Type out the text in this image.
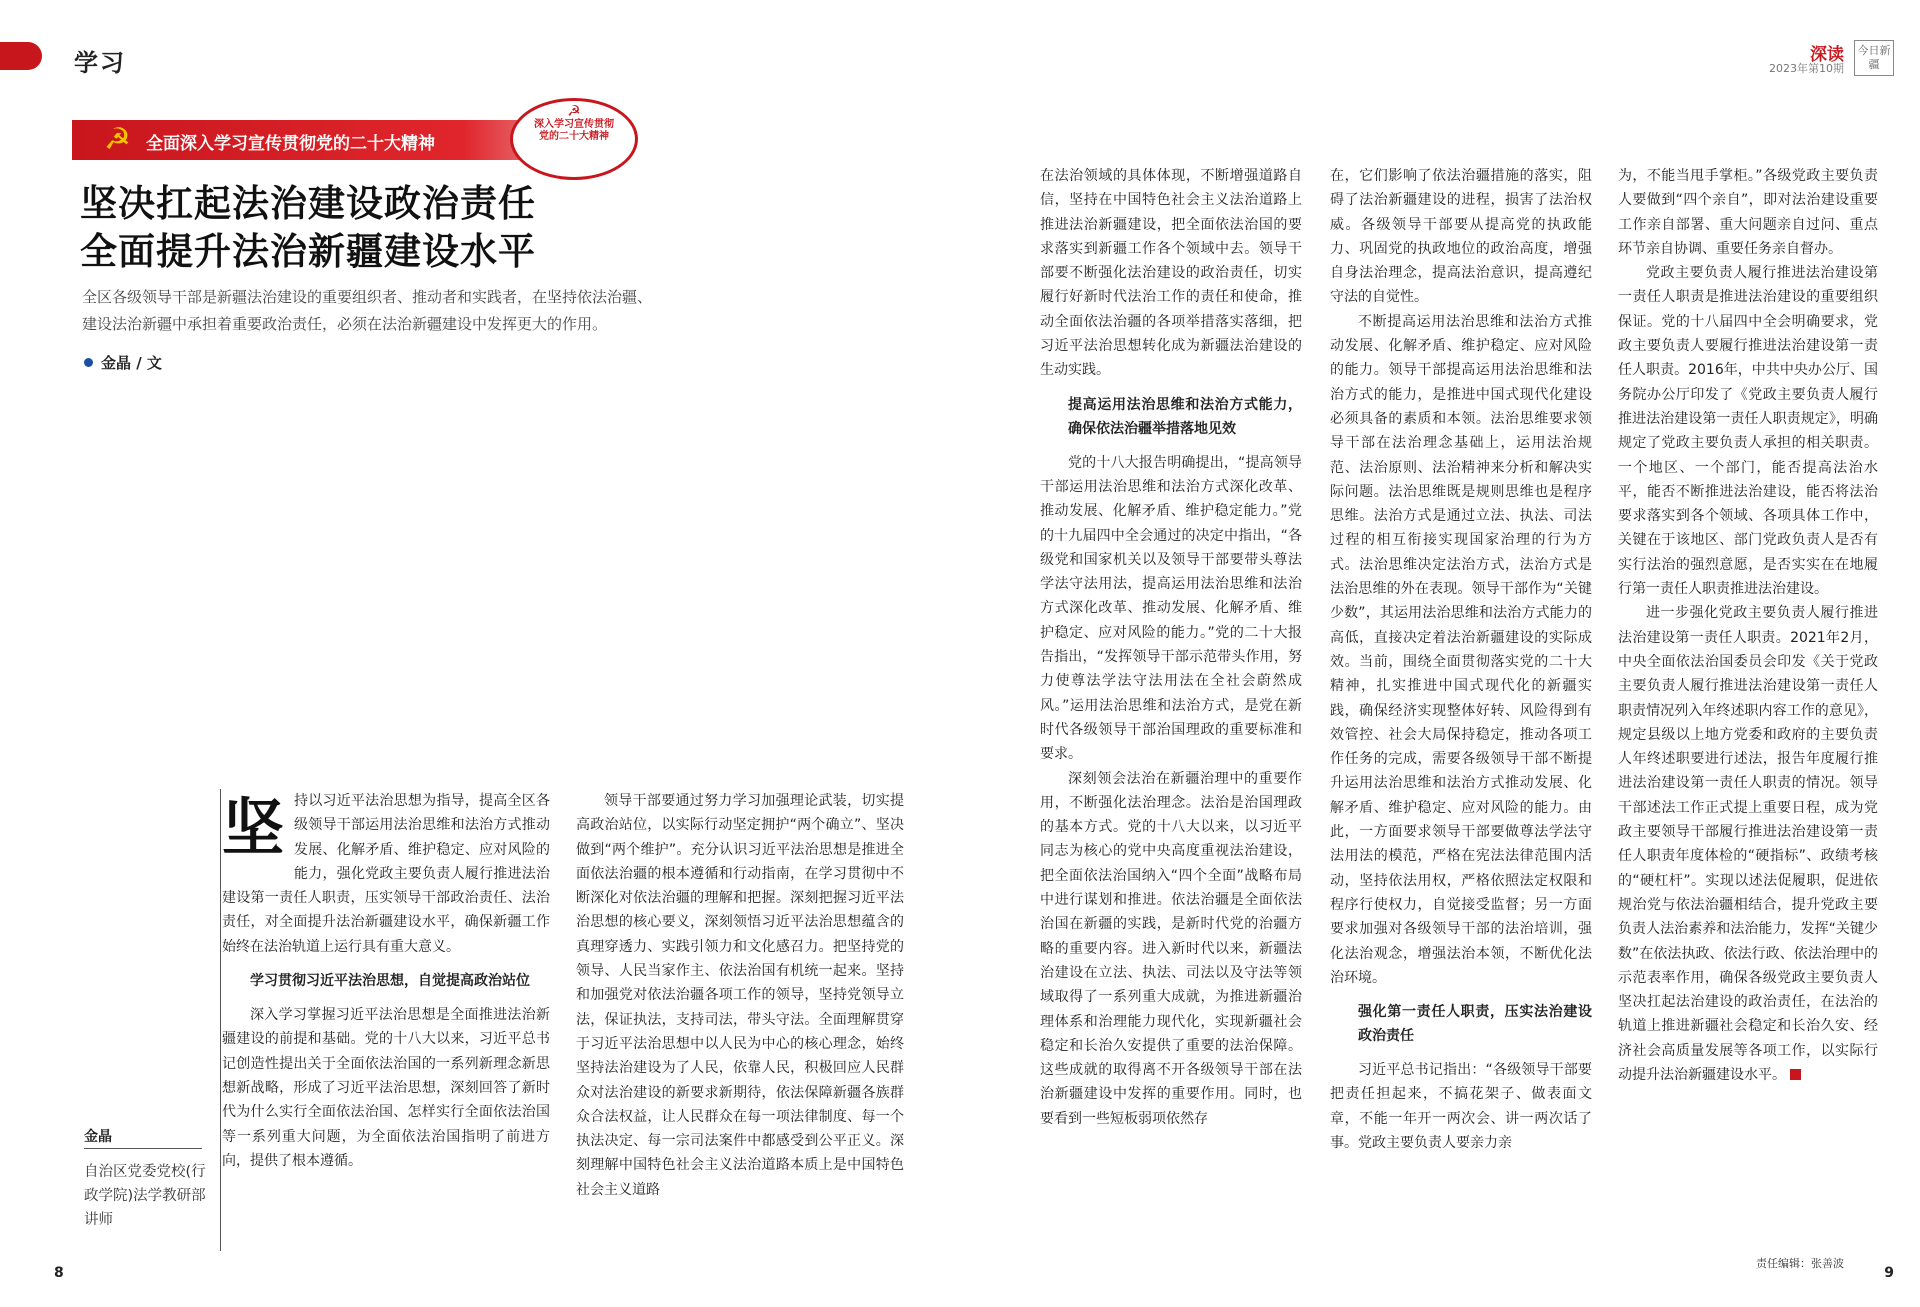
学习	深读
2023年第10期
今日新疆
☭ 全面深入学习宣传贯彻党的二十大精神
☭
深入学习宣传贯彻
党的二十大精神
坚决扛起法治建设政治责任
全面提升法治新疆建设水平
全区各级领导干部是新疆法治建设的重要组织者、推动者和实践者，在坚持依法治疆、建设法治新疆中承担着重要政治责任，必须在法治新疆建设中发挥更大的作用。
金晶 / 文
金晶
自治区党委党校(行政学院)法学教研部讲师

坚持以习近平法治思想为指导，提高全区各级领导干部运用法治思维和法治方式推动发展、化解矛盾、维护稳定、应对风险的能力，强化党政主要负责人履行推进法治建设第一责任人职责，压实领导干部政治责任、法治责任，对全面提升法治新疆建设水平，确保新疆工作始终在法治轨道上运行具有重大意义。

学习贯彻习近平法治思想，自觉提高政治站位

深入学习掌握习近平法治思想是全面推进法治新疆建设的前提和基础。党的十八大以来，习近平总书记创造性提出关于全面依法治国的一系列新理念新思想新战略，形成了习近平法治思想，深刻回答了新时代为什么实行全面依法治国、怎样实行全面依法治国等一系列重大问题，为全面依法治国指明了前进方向，提供了根本遵循。

领导干部要通过努力学习加强理论武装，切实提高政治站位，以实际行动坚定拥护“两个确立”、坚决做到“两个维护”。充分认识习近平法治思想是推进全面依法治疆的根本遵循和行动指南，在学习贯彻中不断深化对依法治疆的理解和把握。深刻把握习近平法治思想的核心要义，深刻领悟习近平法治思想蕴含的真理穿透力、实践引领力和文化感召力。把坚持党的领导、人民当家作主、依法治国有机统一起来。坚持和加强党对依法治疆各项工作的领导，坚持党领导立法，保证执法，支持司法，带头守法。全面理解贯穿于习近平法治思想中以人民为中心的核心理念，始终坚持法治建设为了人民，依靠人民，积极回应人民群众对法治建设的新要求新期待，依法保障新疆各族群众合法权益，让人民群众在每一项法律制度、每一个执法决定、每一宗司法案件中都感受到公平正义。深刻理解中国特色社会主义法治道路本质上是中国特色社会主义道路

在法治领域的具体体现，不断增强道路自信，坚持在中国特色社会主义法治道路上推进法治新疆建设，把全面依法治国的要求落实到新疆工作各个领域中去。领导干部要不断强化法治建设的政治责任，切实履行好新时代法治工作的责任和使命，推动全面依法治疆的各项举措落实落细，把习近平法治思想转化成为新疆法治建设的生动实践。

提高运用法治思维和法治方式能力，确保依法治疆举措落地见效

党的十八大报告明确提出，“提高领导干部运用法治思维和法治方式深化改革、推动发展、化解矛盾、维护稳定能力。”党的十九届四中全会通过的决定中指出，“各级党和国家机关以及领导干部要带头尊法学法守法用法，提高运用法治思维和法治方式深化改革、推动发展、化解矛盾、维护稳定、应对风险的能力。”党的二十大报告指出，“发挥领导干部示范带头作用，努力使尊法学法守法用法在全社会蔚然成风。”运用法治思维和法治方式，是党在新时代各级领导干部治国理政的重要标准和要求。

深刻领会法治在新疆治理中的重要作用，不断强化法治理念。法治是治国理政的基本方式。党的十八大以来，以习近平同志为核心的党中央高度重视法治建设，把全面依法治国纳入“四个全面”战略布局中进行谋划和推进。依法治疆是全面依法治国在新疆的实践，是新时代党的治疆方略的重要内容。进入新时代以来，新疆法治建设在立法、执法、司法以及守法等领域取得了一系列重大成就，为推进新疆治理体系和治理能力现代化，实现新疆社会稳定和长治久安提供了重要的法治保障。这些成就的取得离不开各级领导干部在法治新疆建设中发挥的重要作用。同时，也要看到一些短板弱项依然存

在，它们影响了依法治疆措施的落实，阻碍了法治新疆建设的进程，损害了法治权威。各级领导干部要从提高党的执政能力、巩固党的执政地位的政治高度，增强自身法治理念，提高法治意识，提高遵纪守法的自觉性。

不断提高运用法治思维和法治方式推动发展、化解矛盾、维护稳定、应对风险的能力。领导干部提高运用法治思维和法治方式的能力，是推进中国式现代化建设必须具备的素质和本领。法治思维要求领导干部在法治理念基础上，运用法治规范、法治原则、法治精神来分析和解决实际问题。法治思维既是规则思维也是程序思维。法治方式是通过立法、执法、司法过程的相互衔接实现国家治理的行为方式。法治思维决定法治方式，法治方式是法治思维的外在表现。领导干部作为“关键少数”，其运用法治思维和法治方式能力的高低，直接决定着法治新疆建设的实际成效。当前，围绕全面贯彻落实党的二十大精神，扎实推进中国式现代化的新疆实践，确保经济实现整体好转、风险得到有效管控、社会大局保持稳定，推动各项工作任务的完成，需要各级领导干部不断提升运用法治思维和法治方式推动发展、化解矛盾、维护稳定、应对风险的能力。由此，一方面要求领导干部要做尊法学法守法用法的模范，严格在宪法法律范围内活动，坚持依法用权，严格依照法定权限和程序行使权力，自觉接受监督；另一方面要求加强对各级领导干部的法治培训，强化法治观念，增强法治本领，不断优化法治环境。

强化第一责任人职责，压实法治建设政治责任

习近平总书记指出：“各级领导干部要把责任担起来，不搞花架子、做表面文章，不能一年开一两次会、讲一两次话了事。党政主要负责人要亲力亲

为，不能当甩手掌柜。”各级党政主要负责人要做到“四个亲自”，即对法治建设重要工作亲自部署、重大问题亲自过问、重点环节亲自协调、重要任务亲自督办。

党政主要负责人履行推进法治建设第一责任人职责是推进法治建设的重要组织保证。党的十八届四中全会明确要求，党政主要负责人要履行推进法治建设第一责任人职责。2016年，中共中央办公厅、国务院办公厅印发了《党政主要负责人履行推进法治建设第一责任人职责规定》，明确规定了党政主要负责人承担的相关职责。一个地区、一个部门，能否提高法治水平，能否不断推进法治建设，能否将法治要求落实到各个领域、各项具体工作中，关键在于该地区、部门党政负责人是否有实行法治的强烈意愿，是否实实在在地履行第一责任人职责推进法治建设。

进一步强化党政主要负责人履行推进法治建设第一责任人职责。2021年2月，中央全面依法治国委员会印发《关于党政主要负责人履行推进法治建设第一责任人职责情况列入年终述职内容工作的意见》，规定县级以上地方党委和政府的主要负责人年终述职要进行述法，报告年度履行推进法治建设第一责任人职责的情况。领导干部述法工作正式提上重要日程，成为党政主要领导干部履行推进法治建设第一责任人职责年度体检的“硬指标”、政绩考核的“硬杠杆”。实现以述法促履职，促进依规治党与依法治疆相结合，提升党政主要负责人法治素养和法治能力，发挥“关键少数”在依法执政、依法行政、依法治理中的示范表率作用，确保各级党政主要负责人坚决扛起法治建设的政治责任，在法治的轨道上推进新疆社会稳定和长治久安、经济社会高质量发展等各项工作，以实际行动提升法治新疆建设水平。

责任编辑：张善波
8	9
